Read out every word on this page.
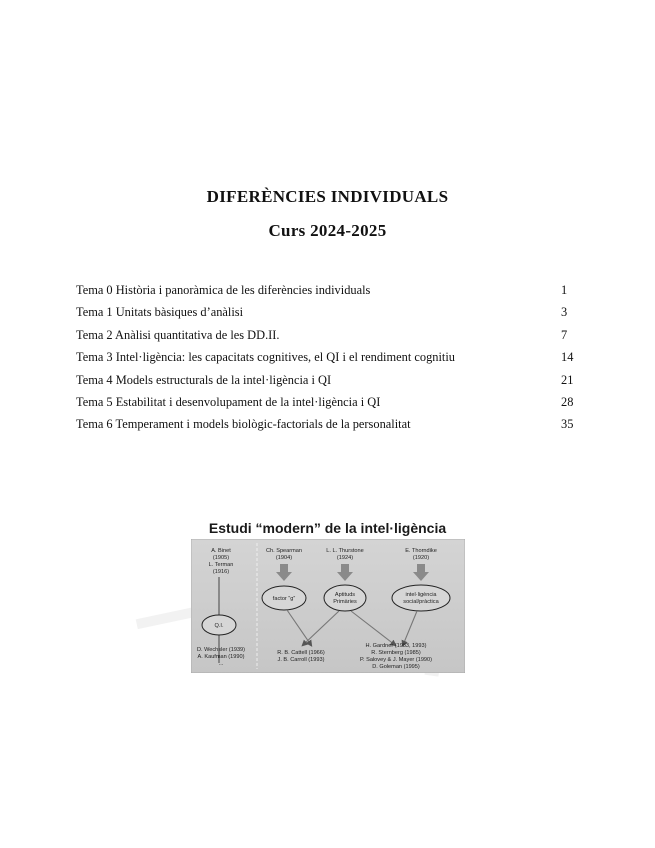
DIFERÈNCIES INDIVIDUALS
Curs 2024-2025
Tema 0 Història i panoràmica de les diferències individuals	1
Tema 1 Unitats bàsiques d’anàlisi	3
Tema 2 Anàlisi quantitativa de les DD.II.	7
Tema 3 Intel·ligència: les capacitats cognitives, el QI i el rendiment cognitiu	14
Tema 4 Models estructurals de la intel·ligència i QI	21
Tema 5 Estabilitat i desenvolupament de la intel·ligència i QI	28
Tema 6 Temperament i models biològic-factorials de la personalitat	35
Estudi “modern” de la intel·ligència
A. Binet
(1905)
L. Terman
(1916)
Ch. Spearman
(1904)
L. L. Thurstone
(1924)
E. Thorndike
(1920)
Q.I.
factor “g”
Aptituds
Primàries
intel·ligència
social/pràctica
D. Wechsler (1939)
A. Kaufman (1990)
...
R. B. Cattell (1966)
J. B. Carroll (1993)
H. Gardner (1983, 1993)
R. Sternberg (1985)
P. Salovey & J. Mayer (1990)
D. Goleman (1995)
